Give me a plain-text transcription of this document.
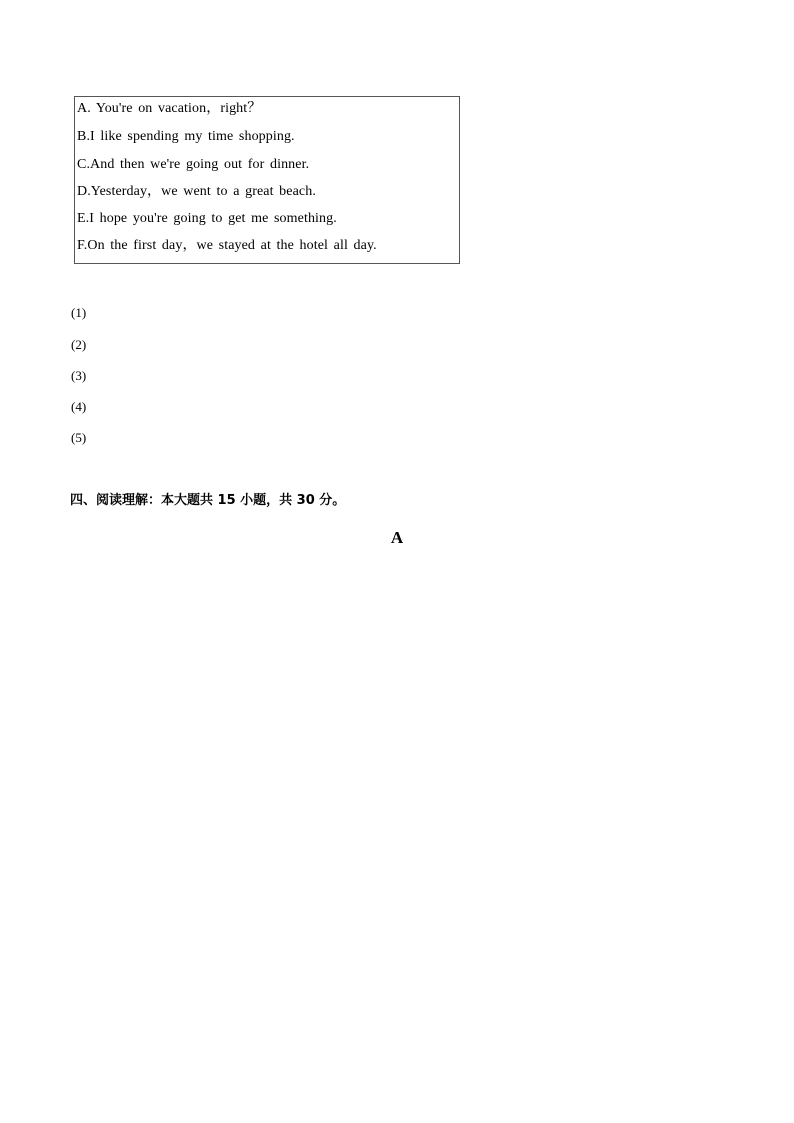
A. You're on vacation，right？
B.I like spending my time shopping.
C.And then we're going out for dinner.
D.Yesterday，we went to a great beach.
E.I hope you're going to get me something.
F.On the first day，we stayed at the hotel all day.
(1)
(2)
(3)
(4)
(5)
四、阅读理解：本大题共 15 小题，共 30 分。
A
